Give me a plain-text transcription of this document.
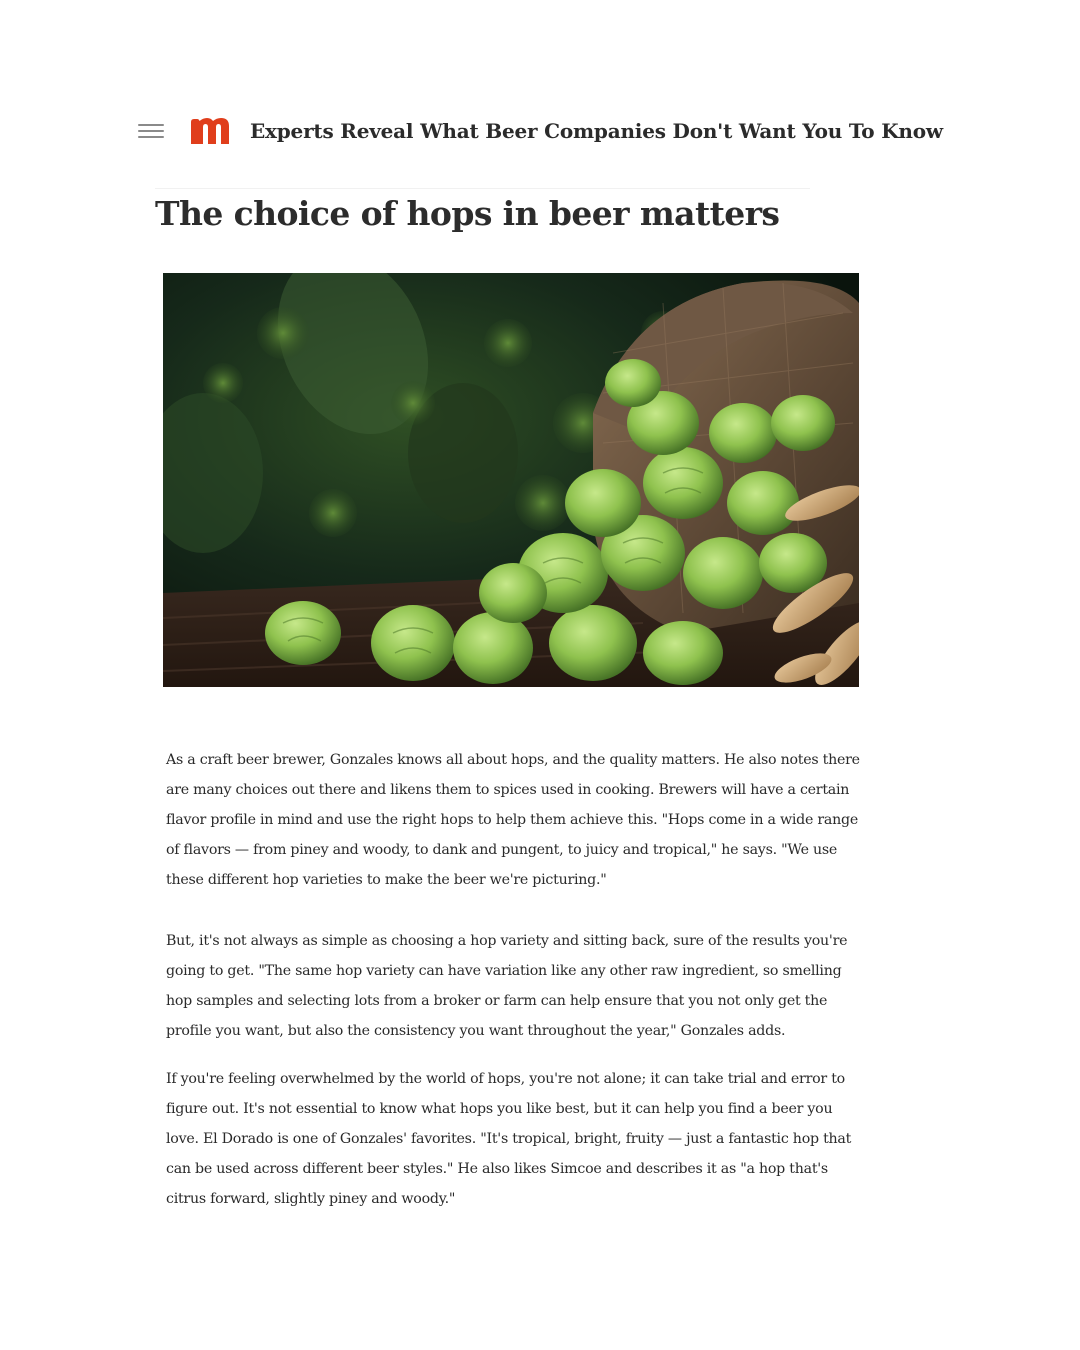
Experts Reveal What Beer Companies Don't Want You To Know
The choice of hops in beer matters

As a craft beer brewer, Gonzales knows all about hops, and the quality matters. He also notes there are many choices out there and likens them to spices used in cooking. Brewers will have a certain flavor profile in mind and use the right hops to help them achieve this. "Hops come in a wide range of flavors — from piney and woody, to dank and pungent, to juicy and tropical," he says. "We use these different hop varieties to make the beer we're picturing."

But, it's not always as simple as choosing a hop variety and sitting back, sure of the results you're going to get. "The same hop variety can have variation like any other raw ingredient, so smelling hop samples and selecting lots from a broker or farm can help ensure that you not only get the profile you want, but also the consistency you want throughout the year," Gonzales adds.

If you're feeling overwhelmed by the world of hops, you're not alone; it can take trial and error to figure out. It's not essential to know what hops you like best, but it can help you find a beer you love. El Dorado is one of Gonzales' favorites. "It's tropical, bright, fruity — just a fantastic hop that can be used across different beer styles." He also likes Simcoe and describes it as "a hop that's citrus forward, slightly piney and woody."
